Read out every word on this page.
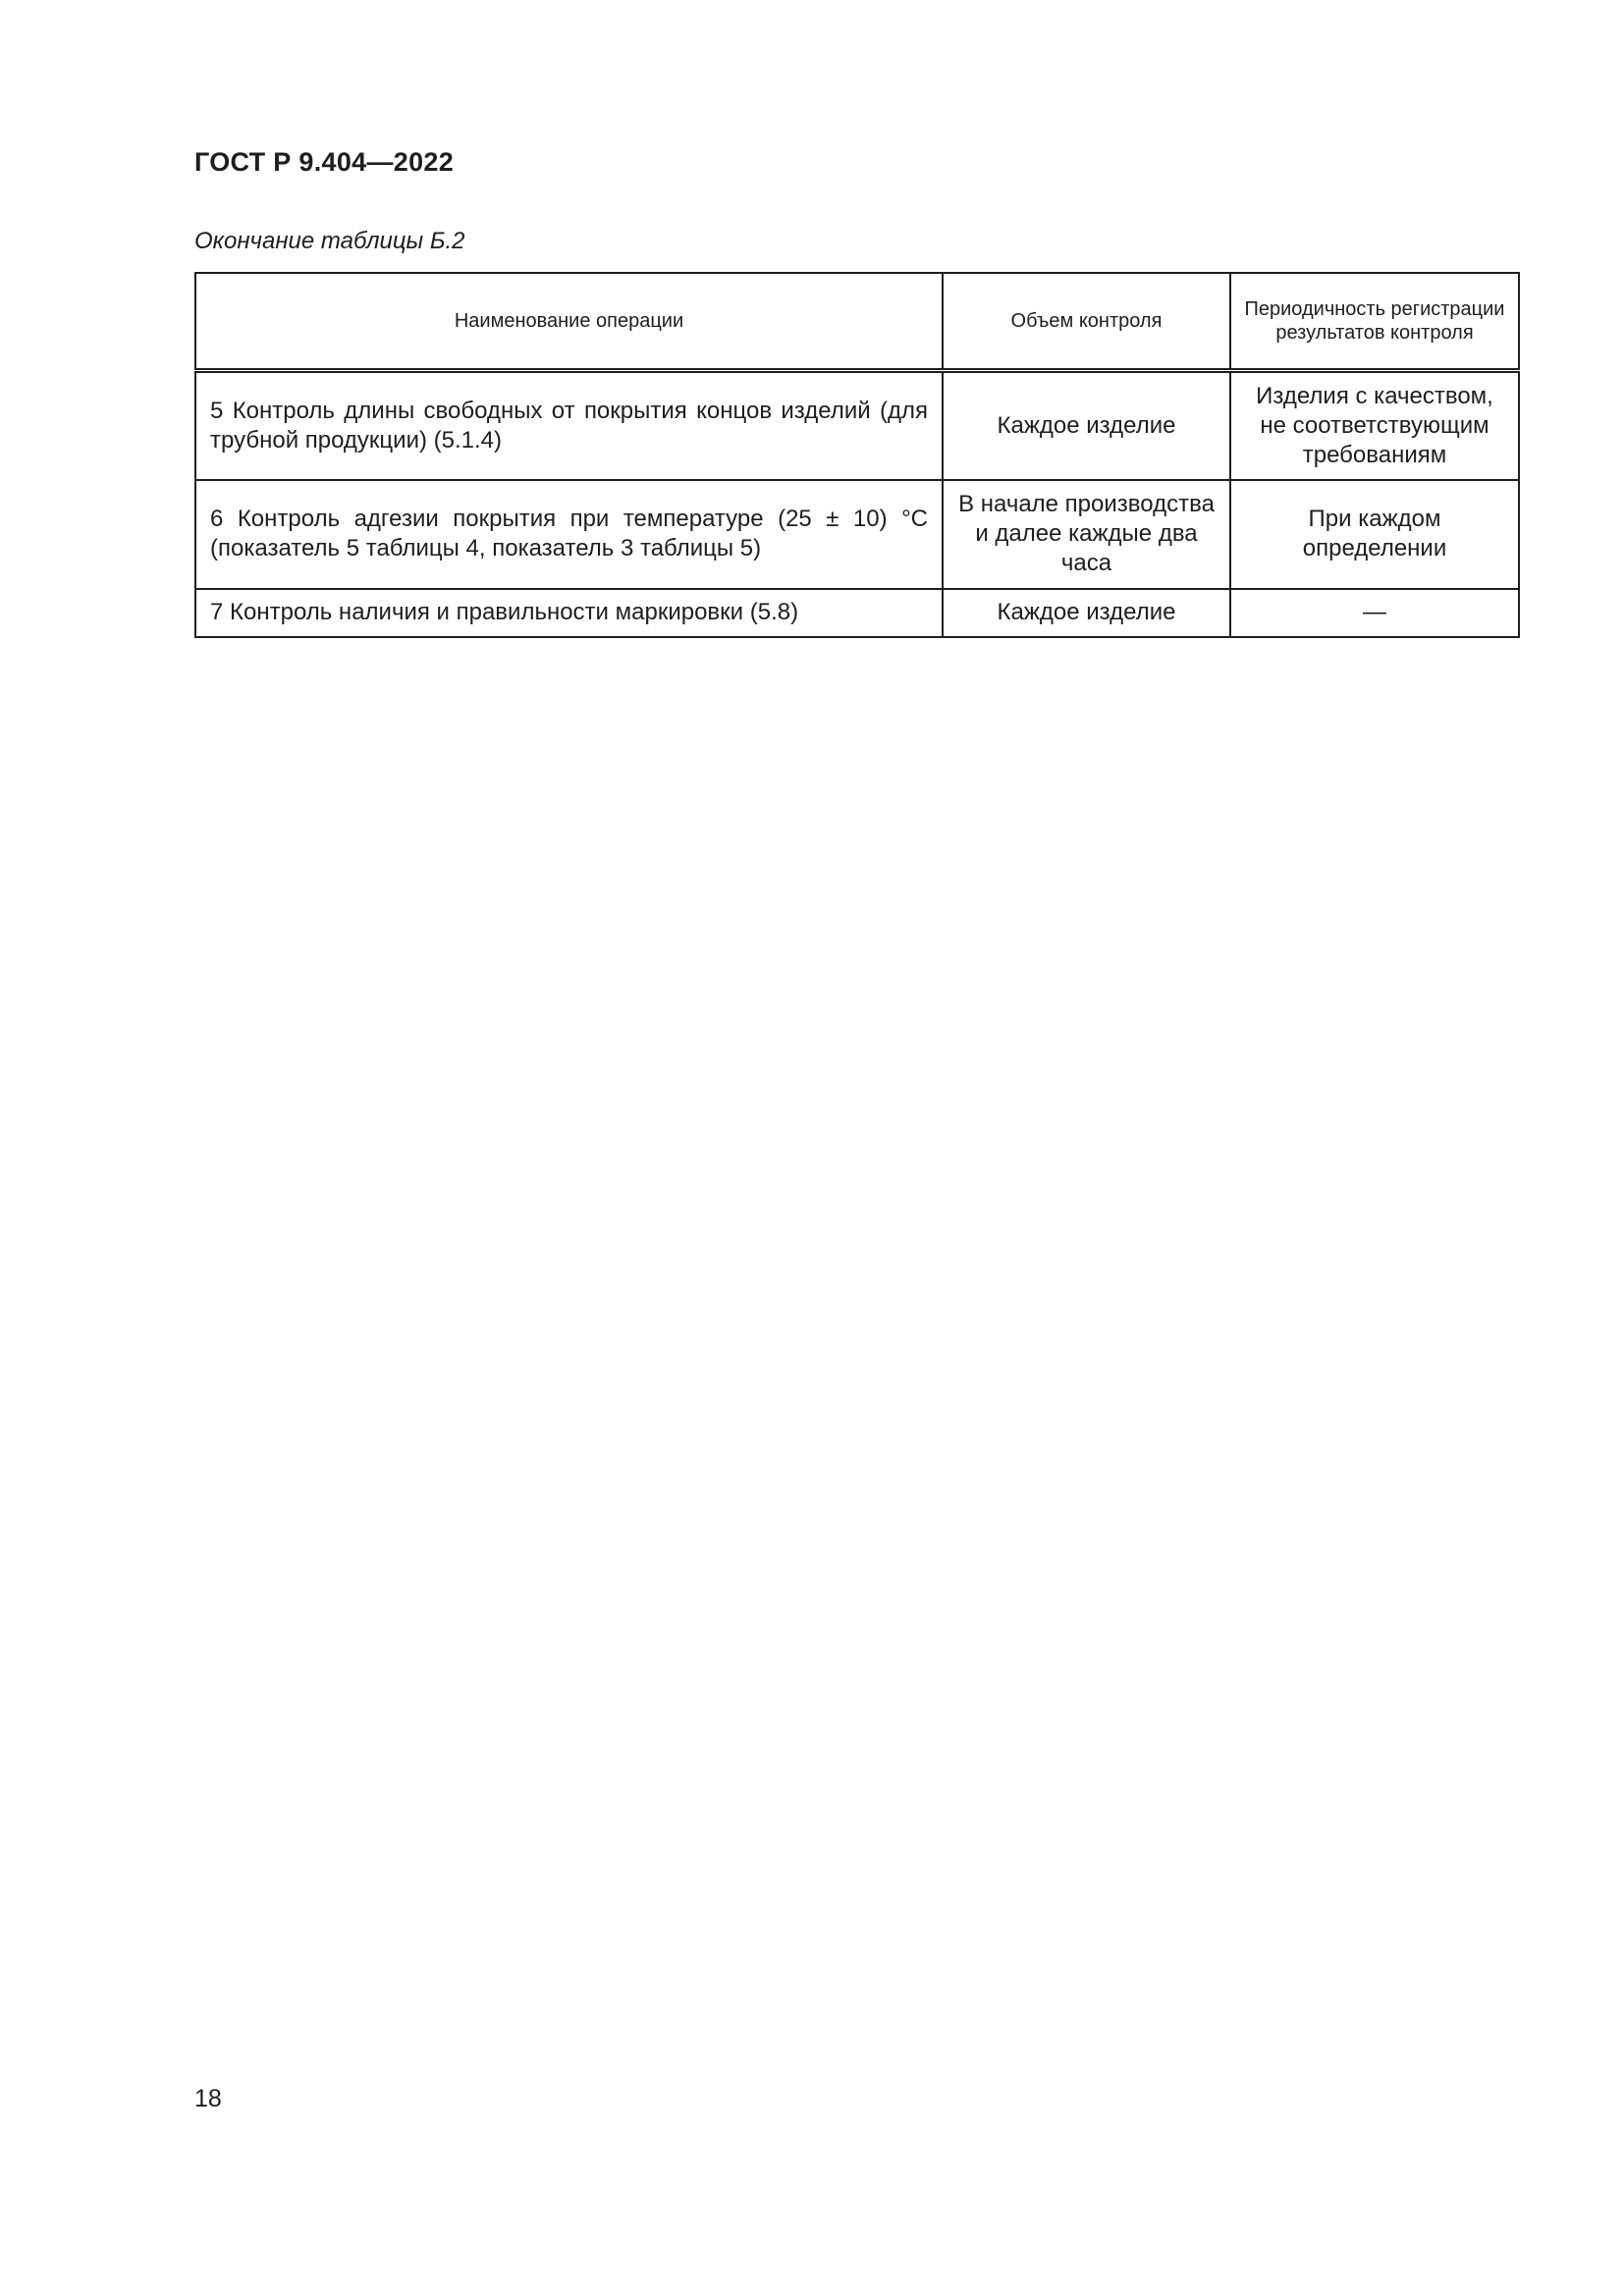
ГОСТ Р 9.404—2022
Окончание таблицы Б.2
Наименование операции	Объем контроля	Периодичность регистрации результатов контроля
5 Контроль длины свободных от покрытия концов изделий (для трубной продукции) (5.1.4)	Каждое изделие	Изделия с качеством, не соответствующим требованиям
6 Контроль адгезии покрытия при температуре (25 ± 10) °С (показатель 5 таблицы 4, показатель 3 таблицы 5)	В начале производства и далее каждые два часа	При каждом определении
7 Контроль наличия и правильности маркировки (5.8)	Каждое изделие	—
18
